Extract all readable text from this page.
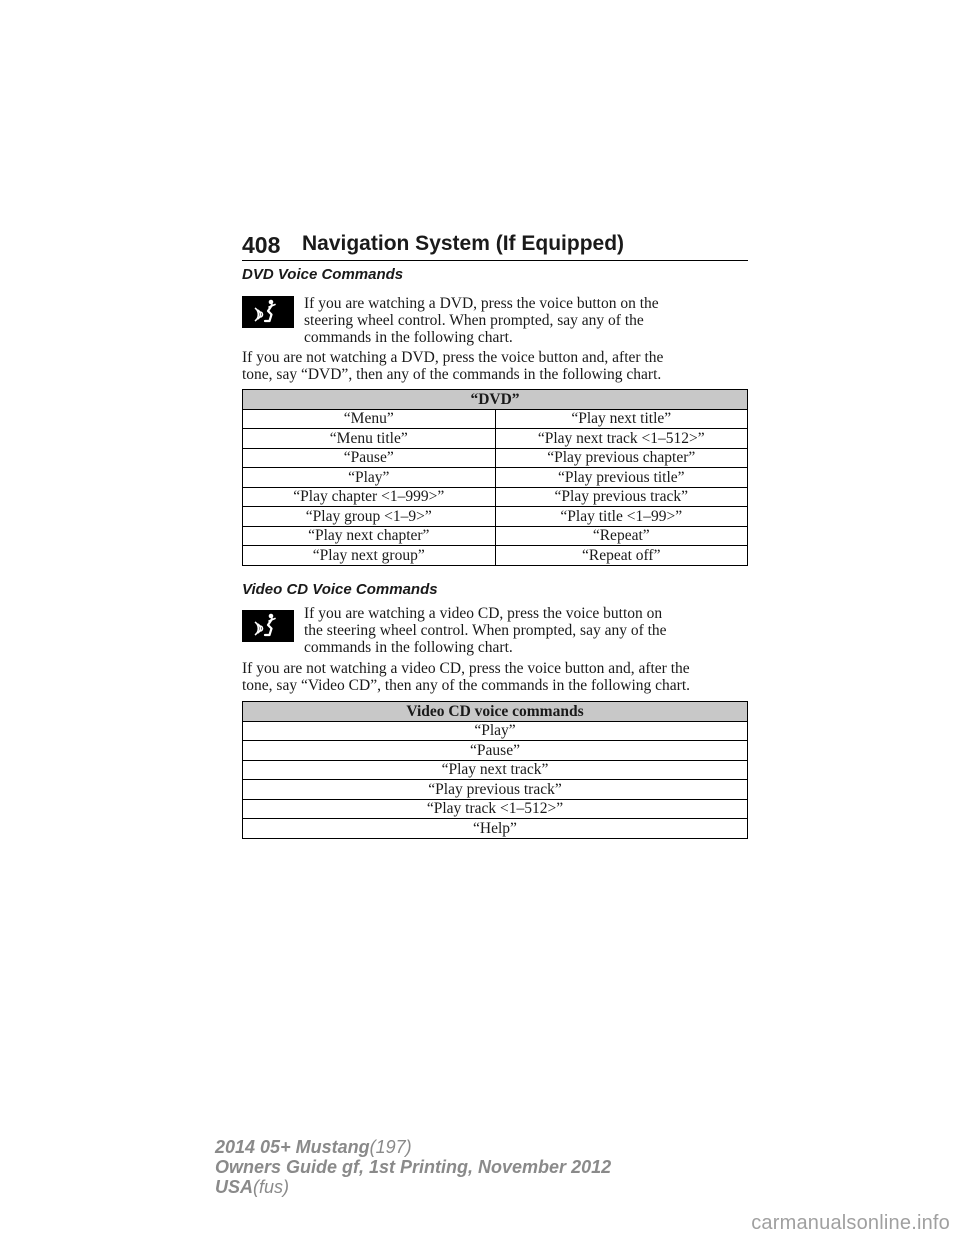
408 Navigation System (If Equipped)
DVD Voice Commands
If you are watching a DVD, press the voice button on the
steering wheel control. When prompted, say any of the
commands in the following chart.
If you are not watching a DVD, press the voice button and, after the
tone, say “DVD”, then any of the commands in the following chart.
“DVD”	
“Menu”	“Play next title”
“Menu title”	“Play next track <1–512>”
“Pause”	“Play previous chapter”
“Play”	“Play previous title”
“Play chapter <1–999>”	“Play previous track”
“Play group <1–9>”	“Play title <1–99>”
“Play next chapter”	“Repeat”
“Play next group”	“Repeat off”
Video CD Voice Commands
If you are watching a video CD, press the voice button on
the steering wheel control. When prompted, say any of the
commands in the following chart.
If you are not watching a video CD, press the voice button and, after the
tone, say “Video CD”, then any of the commands in the following chart.
Video CD voice commands
“Play”
“Pause”
“Play next track”
“Play previous track”
“Play track <1–512>”
“Help”
2014 05+ Mustang(197)
Owners Guide gf, 1st Printing, November 2012
USA(fus)
carmanualsonline.info
